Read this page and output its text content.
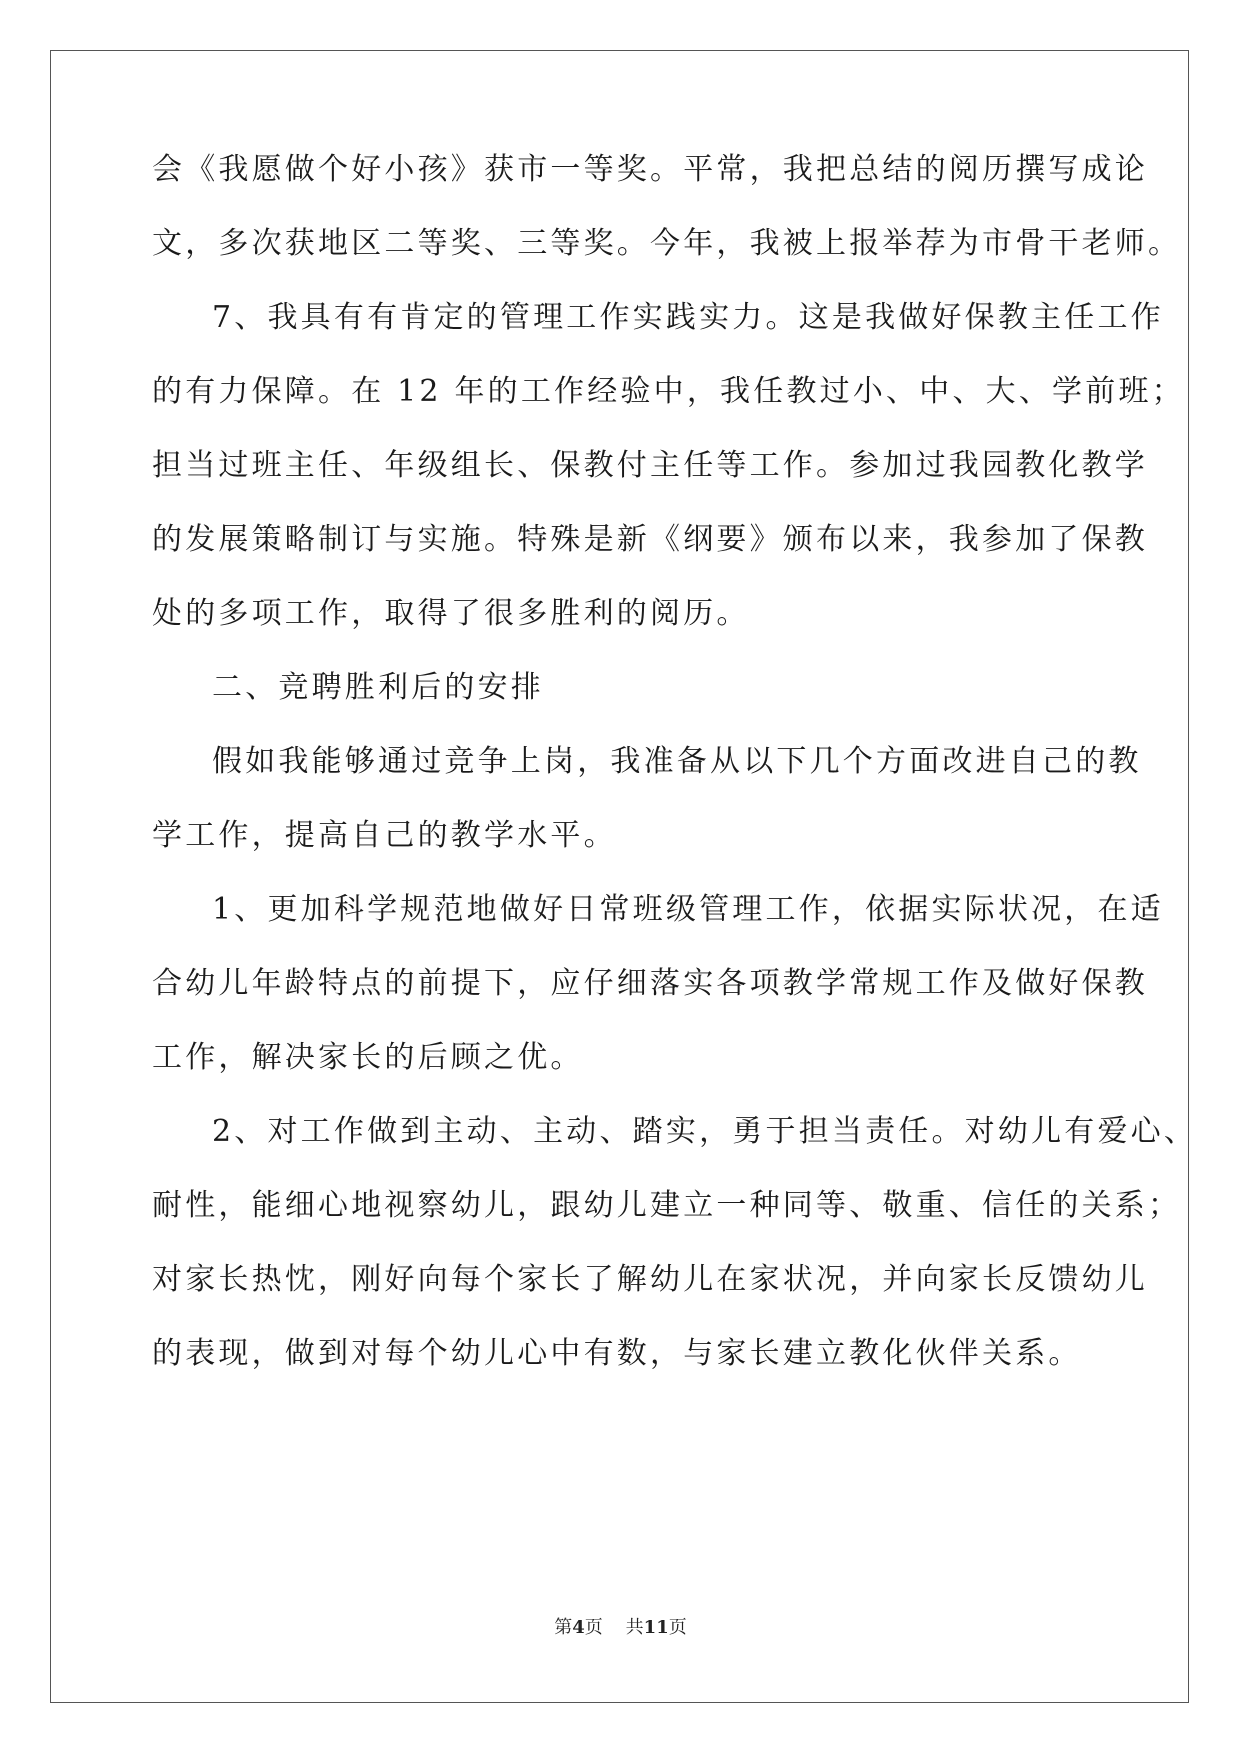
会《我愿做个好小孩》获市一等奖。平常，我把总结的阅历撰写成论
文，多次获地区二等奖、三等奖。今年，我被上报举荐为市骨干老师。
7、我具有有肯定的管理工作实践实力。这是我做好保教主任工作
的有力保障。在 12 年的工作经验中，我任教过小、中、大、学前班；
担当过班主任、年级组长、保教付主任等工作。参加过我园教化教学
的发展策略制订与实施。特殊是新《纲要》颁布以来，我参加了保教
处的多项工作，取得了很多胜利的阅历。
二、竞聘胜利后的安排
假如我能够通过竞争上岗，我准备从以下几个方面改进自己的教
学工作，提高自己的教学水平。
1、更加科学规范地做好日常班级管理工作，依据实际状况，在适
合幼儿年龄特点的前提下，应仔细落实各项教学常规工作及做好保教
工作，解决家长的后顾之优。
2、对工作做到主动、主动、踏实，勇于担当责任。对幼儿有爱心、
耐性，能细心地视察幼儿，跟幼儿建立一种同等、敬重、信任的关系；
对家长热忱，刚好向每个家长了解幼儿在家状况，并向家长反馈幼儿
的表现，做到对每个幼儿心中有数，与家长建立教化伙伴关系。
第4页 共11页
